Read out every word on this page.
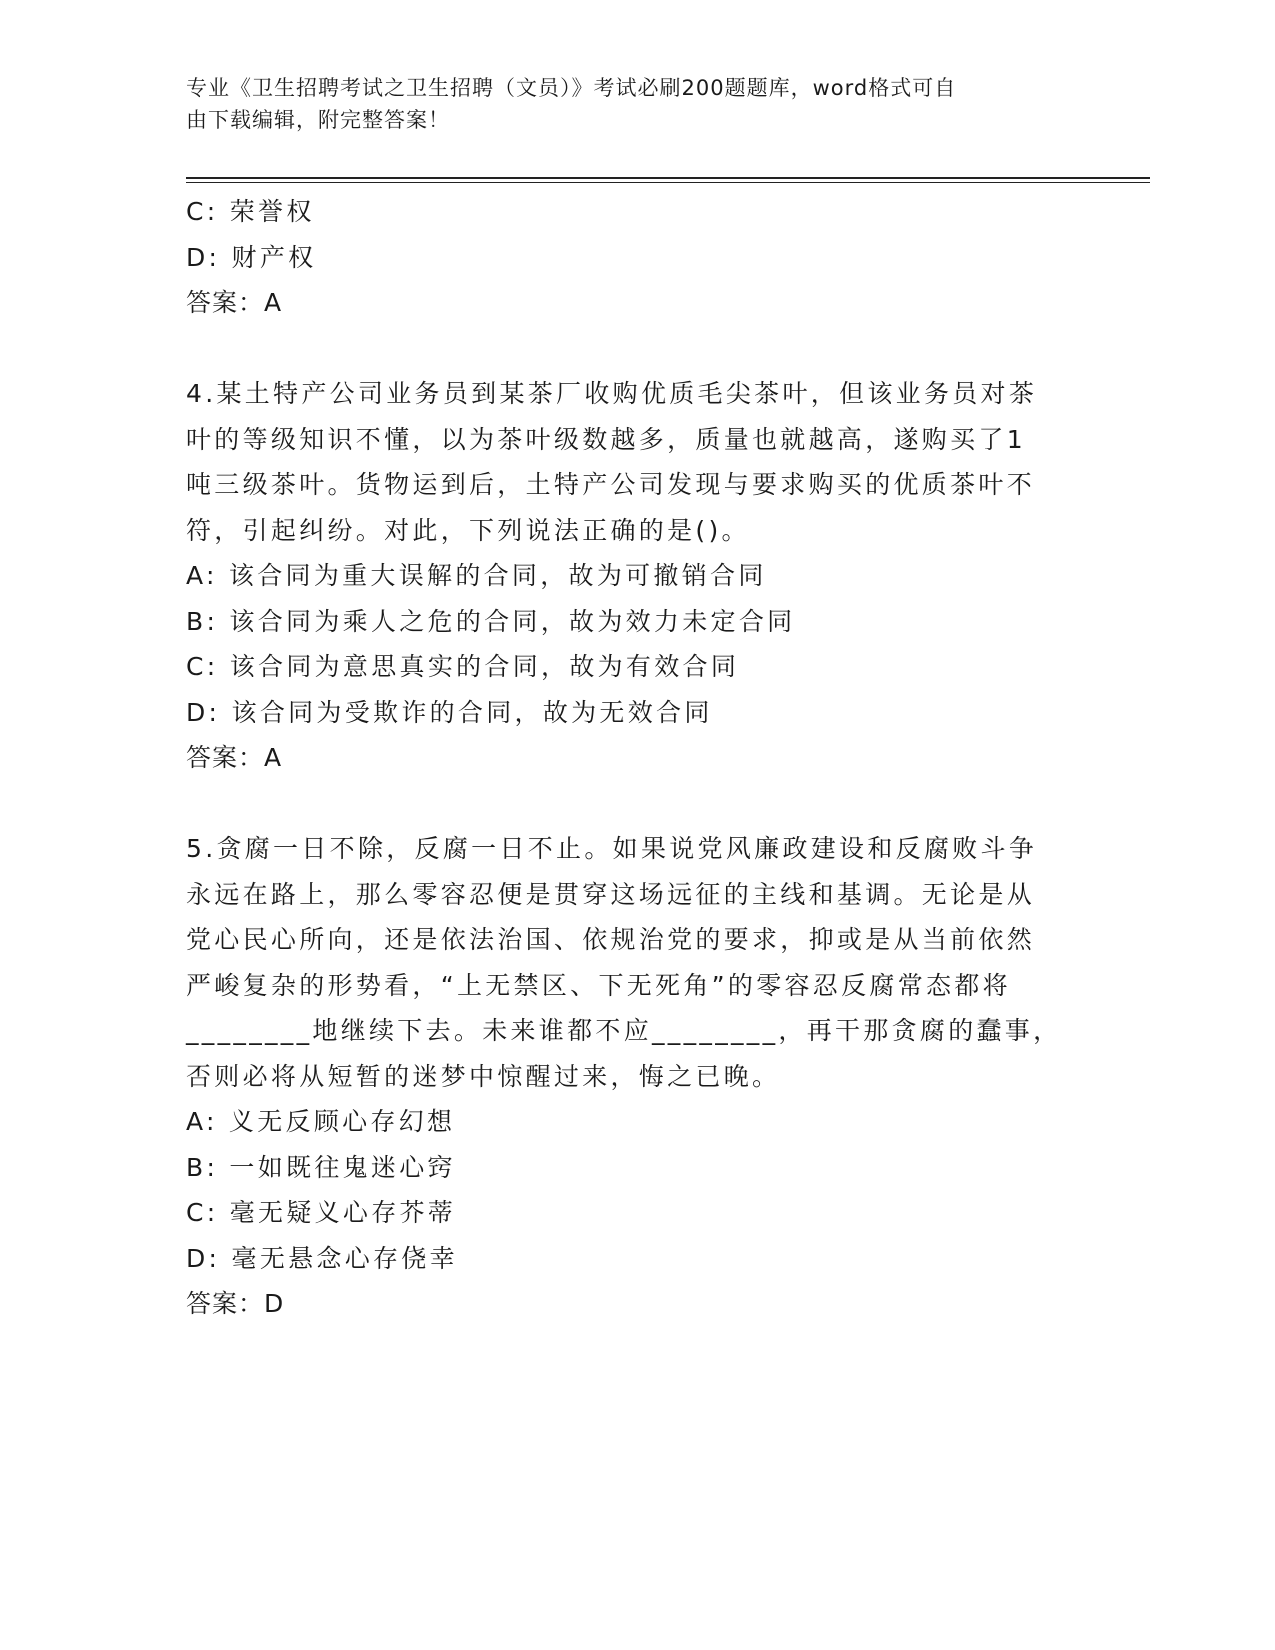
专业《卫生招聘考试之卫生招聘（文员）》考试必刷200题题库，word格式可自
由下载编辑，附完整答案！
C: 荣誉权
D: 财产权
答案：A
4.某土特产公司业务员到某茶厂收购优质毛尖茶叶，但该业务员对茶
叶的等级知识不懂，以为茶叶级数越多，质量也就越高，遂购买了1
吨三级茶叶。货物运到后，土特产公司发现与要求购买的优质茶叶不
符，引起纠纷。对此，下列说法正确的是()。
A: 该合同为重大误解的合同，故为可撤销合同
B: 该合同为乘人之危的合同，故为效力未定合同
C: 该合同为意思真实的合同，故为有效合同
D: 该合同为受欺诈的合同，故为无效合同
答案：A
5.贪腐一日不除，反腐一日不止。如果说党风廉政建设和反腐败斗争
永远在路上，那么零容忍便是贯穿这场远征的主线和基调。无论是从
党心民心所向，还是依法治国、依规治党的要求，抑或是从当前依然
严峻复杂的形势看，“上无禁区、下无死角”的零容忍反腐常态都将
________地继续下去。未来谁都不应________，再干那贪腐的蠢事，
否则必将从短暂的迷梦中惊醒过来，悔之已晚。
A: 义无反顾心存幻想
B: 一如既往鬼迷心窍
C: 毫无疑义心存芥蒂
D: 毫无悬念心存侥幸
答案：D
